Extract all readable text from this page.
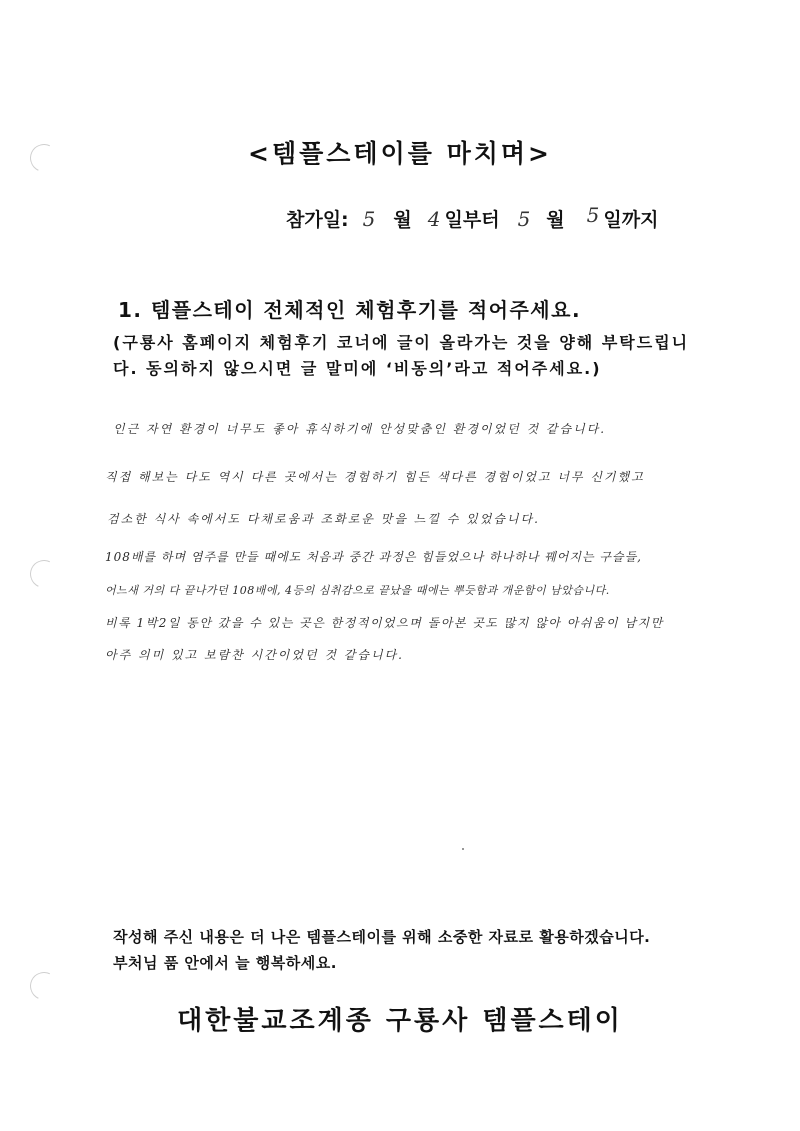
<템플스테이를 마치며>
참가일: 5 월 4 일부터 5 월 5 일까지
1. 템플스테이 전체적인 체험후기를 적어주세요.
(구룡사 홈페이지 체험후기 코너에 글이 올라가는 것을 양해 부탁드립니
다. 동의하지 않으시면 글 말미에 ‘비동의’라고 적어주세요.)
인근 자연 환경이 너무도 좋아 휴식하기에 안성맞춤인 환경이었던 것 같습니다.
직접 해보는 다도 역시 다른 곳에서는 경험하기 힘든 색다른 경험이었고 너무 신기했고
검소한 식사 속에서도 다채로움과 조화로운 맛을 느낄 수 있었습니다.
108배를 하며 염주를 만들 때에도 처음과 중간 과정은 힘들었으나 하나하나 꿰어지는 구슬들,
어느새 거의 다 끝나가던 108배에, 4등의 심취감으로 끝났을 때에는 뿌듯함과 개운함이 남았습니다.
비록 1박2일 동안 갔을 수 있는 곳은 한정적이었으며 돌아본 곳도 많지 않아 아쉬움이 남지만
아주 의미 있고 보람찬 시간이었던 것 같습니다.
작성해 주신 내용은 더 나은 템플스테이를 위해 소중한 자료로 활용하겠습니다.
부처님 품 안에서 늘 행복하세요.
대한불교조계종 구룡사 템플스테이
